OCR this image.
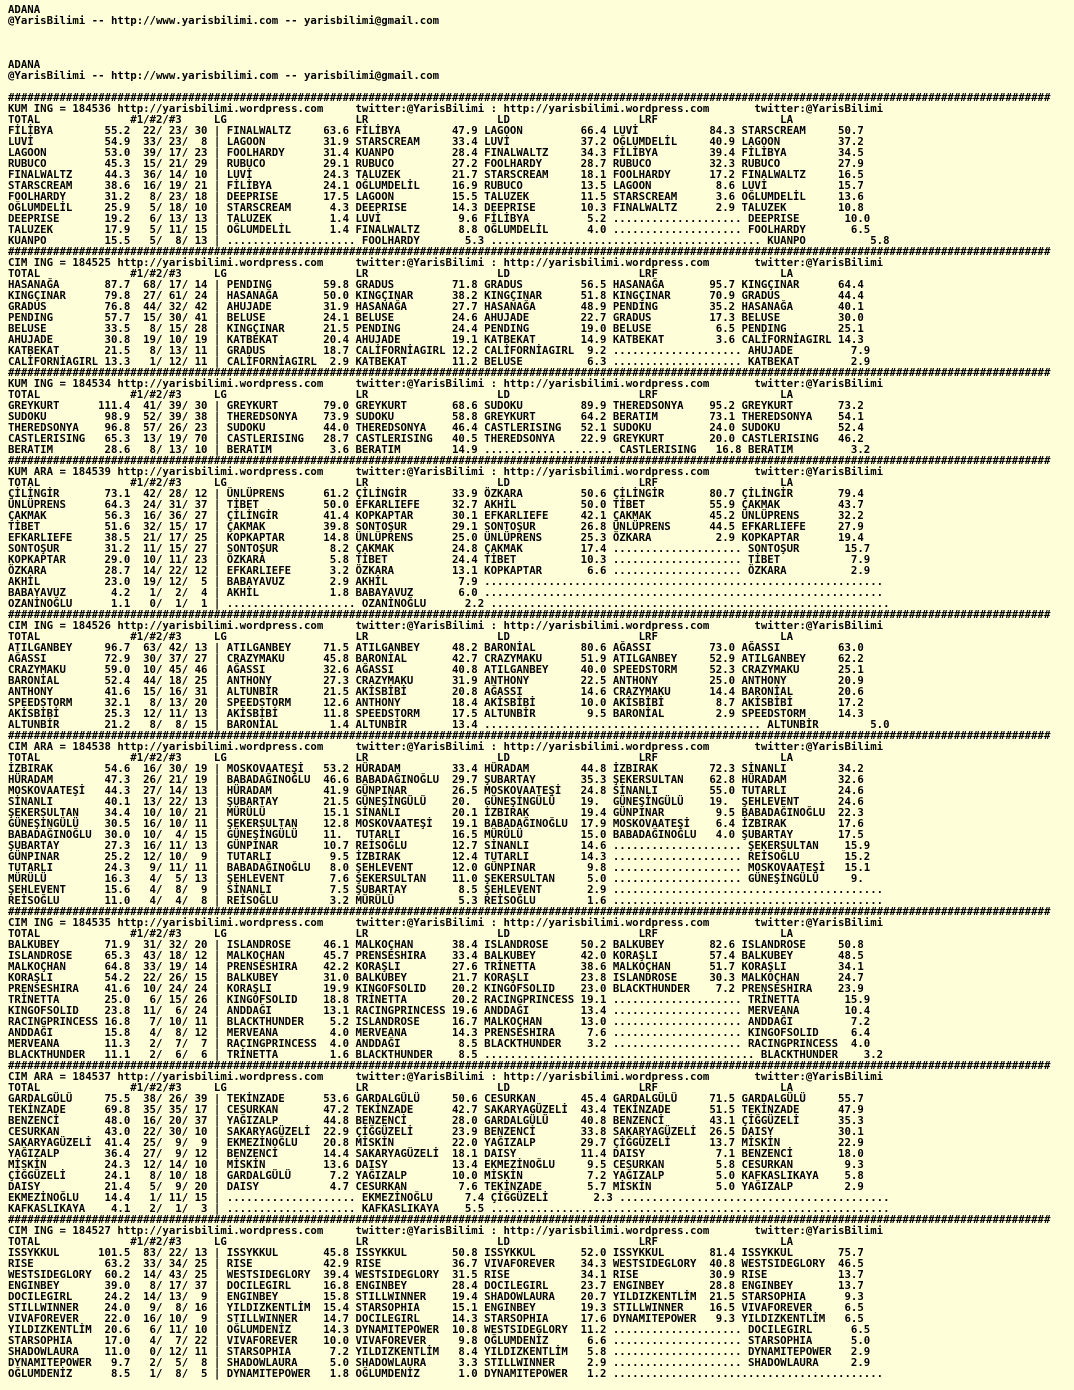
ADANA
@YarisBilimi -- http://www.yarisbilimi.com -- yarisbilimi@gmail.com

ADANA
@YarisBilimi -- http://www.yarisbilimi.com -- yarisbilimi@gmail.com

##################################################################################################################################################################
KUM ING = 184536 http://yarisbilimi.wordpress.com     twitter:@YarisBilimi : http://yarisbilimi.wordpress.com       twitter:@YarisBilimi
TOTAL              #1/#2/#3     LG                    LR                    LD                    LRF                   LA
FİLİBYA        55.2  22/ 23/ 30 | FINALWALTZ     63.6 FİLİBYA        47.9 LAGOON         66.4 LUVİ           84.3 STARSCREAM     50.7
LUVİ           54.9  33/ 23/  8 | LAGOON         31.9 STARSCREAM     33.4 LUVİ           37.2 OĞLUMDELİL     40.9 LAGOON         37.2
LAGOON         53.0  39/ 17/ 23 | FOOLHARDY      31.4 KUANPO         28.4 FINALWALTZ     34.3 FİLİBYA        39.4 FİLİBYA        34.5
RUBUCO         45.3  15/ 21/ 29 | RUBUCO         29.1 RUBUCO         27.2 FOOLHARDY      28.7 RUBUCO         32.3 RUBUCO         27.9
FINALWALTZ     44.3  36/ 14/ 10 | LUVİ           24.3 TALUZEK        21.7 STARSCREAM     18.1 FOOLHARDY      17.2 FINALWALTZ     16.5
STARSCREAM     38.6  16/ 19/ 21 | FİLİBYA        24.1 OĞLUMDELİL     16.9 RUBUCO         13.5 LAGOON          8.6 LUVİ           15.7
FOOLHARDY      31.2   8/ 23/ 18 | DEEPRISE       17.5 LAGOON         15.5 TALUZEK        11.5 STARSCREAM      3.6 OĞLUMDELİL     13.6
OĞLUMDELİL     25.9   5/ 18/ 10 | STARSCREAM      4.3 DEEPRISE       14.3 DEEPRISE       10.3 FINALWALTZ      2.9 TALUZEK        10.8
DEEPRISE       19.2   6/ 13/ 13 | TALUZEK         1.4 LUVİ            9.6 FİLİBYA         5.2 .................... DEEPRISE       10.0
TALUZEK        17.9   5/ 11/ 15 | OĞLUMDELİL      1.4 FINALWALTZ      8.8 OĞLUMDELİL      4.0 .................... FOOLHARDY       6.5
KUANPO         15.5   5/  8/ 13 | .................... FOOLHARDY       5.3 .......................................... KUANPO          5.8
##################################################################################################################################################################
CIM ING = 184525 http://yarisbilimi.wordpress.com     twitter:@YarisBilimi : http://yarisbilimi.wordpress.com       twitter:@YarisBilimi
TOTAL              #1/#2/#3     LG                    LR                    LD                    LRF                   LA
HASANAĞA       87.7  68/ 17/ 14 | PENDING        59.8 GRADUS         71.8 GRADUS         56.5 HASANAĞA       95.7 KINGÇINAR      64.4
KINGÇINAR      79.8  27/ 61/ 24 | HASANAĞA       50.0 KINGÇINAR      38.2 KINGÇINAR      51.8 KINGÇINAR      70.9 GRADUS         44.4
GRADUS         76.8  44/ 32/ 42 | AHUJADE        31.9 HASANAĞA       27.7 HASANAĞA       48.9 PENDING        35.2 HASANAĞA       40.1
PENDING        57.7  15/ 30/ 41 | BELUSE         24.1 BELUSE         24.6 AHUJADE        22.7 GRADUS         17.3 BELUSE         30.0
BELUSE         33.5   8/ 15/ 28 | KINGÇINAR      21.5 PENDING        24.4 PENDING        19.0 BELUSE          6.5 PENDING        25.1
AHUJADE        30.8  19/ 10/ 19 | KATBEKAT       20.4 AHUJADE        19.1 KATBEKAT       14.9 KATBEKAT        3.6 CALİFORNİAGIRL 14.3
KATBEKAT       21.5   8/ 13/ 11 | GRADUS         18.7 CALİFORNİAGIRL 12.2 CALİFORNİAGIRL  9.2 .................... AHUJADE         7.9
CALİFORNİAGIRL 13.3   1/ 12/ 11 | CALİFORNİAGIRL  2.9 KATBEKAT       11.2 BELUSE          6.3 .................... KATBEKAT        2.9
##################################################################################################################################################################
KUM ING = 184534 http://yarisbilimi.wordpress.com     twitter:@YarisBilimi : http://yarisbilimi.wordpress.com       twitter:@YarisBilimi
TOTAL              #1/#2/#3     LG                    LR                    LD                    LRF                   LA
GREYKURT      111.4  41/ 39/ 30 | GREYKURT       79.0 GREYKURT       68.6 SUDOKU         89.9 THEREDSONYA    95.2 GREYKURT       73.2
SUDOKU         98.9  52/ 39/ 38 | THEREDSONYA    73.9 SUDOKU         58.8 GREYKURT       64.2 BERATIM        73.1 THEREDSONYA    54.1
THEREDSONYA    96.8  57/ 26/ 23 | SUDOKU         44.0 THEREDSONYA    46.4 CASTLERISING   52.1 SUDOKU         24.0 SUDOKU         52.4
CASTLERISING   65.3  13/ 19/ 70 | CASTLERISING   28.7 CASTLERISING   40.5 THEREDSONYA    22.9 GREYKURT       20.0 CASTLERISING   46.2
BERATIM        28.6   8/ 13/ 10 | BERATIM         3.6 BERATIM        14.9 .................... CASTLERISING   16.8 BERATIM         3.2
##################################################################################################################################################################
KUM ARA = 184539 http://yarisbilimi.wordpress.com     twitter:@YarisBilimi : http://yarisbilimi.wordpress.com       twitter:@YarisBilimi
TOTAL              #1/#2/#3     LG                    LR                    LD                    LRF                   LA
ÇİLİNGİR       73.1  42/ 28/ 12 | ÜNLÜPRENS      61.2 ÇİLİNGİR       33.9 ÖZKARA         50.6 ÇİLİNGİR       80.7 ÇİLİNGİR       79.4
ÜNLÜPRENS      64.3  24/ 31/ 37 | TİBET          50.0 EFKARLIEFE     32.7 AKHİL          50.0 TİBET          55.9 ÇAKMAK         43.7
ÇAKMAK         56.3  16/ 36/ 27 | ÇİLİNGİR       41.4 KOPKAPTAR      30.1 EFKARLIEFE     42.1 ÇAKMAK         45.2 ÜNLÜPRENS      32.2
TİBET          51.6  32/ 15/ 17 | ÇAKMAK         39.8 SONTOŞUR       29.1 SONTOŞUR       26.8 ÜNLÜPRENS      44.5 EFKARLIEFE     27.9
EFKARLIEFE     38.5  21/ 17/ 25 | KOPKAPTAR      14.8 ÜNLÜPRENS      25.0 ÜNLÜPRENS      25.3 ÖZKARA          2.9 KOPKAPTAR      19.4
SONTOŞUR       31.2  11/ 15/ 27 | SONTOŞUR        8.2 ÇAKMAK         24.8 ÇAKMAK         17.4 .................... SONTOŞUR       15.7
KOPKAPTAR      29.0  10/ 11/ 23 | ÖZKARA          5.8 TİBET          24.4 TİBET          10.3 .................... TİBET           7.9
ÖZKARA         28.7  14/ 22/ 12 | EFKARLIEFE      3.2 ÖZKARA         13.1 KOPKAPTAR       6.6 .................... ÖZKARA          2.9
AKHİL          23.0  19/ 12/  5 | BABAYAVUZ       2.9 AKHİL           7.9 ..............................................................
BABAYAVUZ       4.2   1/  2/  4 | AKHİL           1.8 BABAYAVUZ       6.0 ..............................................................
OZANİNOĞLU      1.1   0/  1/  1 | .................... OZANİNOĞLU      2.2 ..............................................................
##################################################################################################################################################################
CIM ING = 184526 http://yarisbilimi.wordpress.com     twitter:@YarisBilimi : http://yarisbilimi.wordpress.com       twitter:@YarisBilimi
TOTAL              #1/#2/#3     LG                    LR                    LD                    LRF                   LA
ATILGANBEY     96.7  63/ 42/ 13 | ATILGANBEY     71.5 ATILGANBEY     48.2 BARONİAL       80.6 AĞASSI         73.0 AĞASSI         63.0
AĞASSI         72.9  30/ 37/ 27 | CRAZYMAKU      45.8 BARONİAL       42.7 CRAZYMAKU      51.9 ATILGANBEY     52.9 ATILGANBEY     62.2
CRAZYMAKU      59.0  10/ 45/ 46 | AĞASSI         32.6 AĞASSI         40.8 ATILGANBEY     40.0 SPEEDSTORM     52.3 CRAZYMAKU      25.1
BARONİAL       52.4  44/ 18/ 25 | ANTHONY        27.3 CRAZYMAKU      31.9 ANTHONY        22.5 ANTHONY        25.0 ANTHONY        20.9
ANTHONY        41.6  15/ 16/ 31 | ALTUNBİR       21.5 AKİSBİBİ       20.8 AĞASSI         14.6 CRAZYMAKU      14.4 BARONİAL       20.6
SPEEDSTORM     32.1   8/ 13/ 20 | SPEEDSTORM     12.6 ANTHONY        18.4 AKİSBİBİ       10.0 AKİSBİBİ        8.7 AKİSBİBİ       17.2
AKİSBİBİ       25.3  12/ 11/ 13 | AKİSBİBİ       11.8 SPEEDSTORM     17.5 ALTUNBİR        9.5 BARONİAL        2.9 SPEEDSTORM     14.3
ALTUNBİR       21.2   8/  8/ 15 | BARONİAL        1.4 ALTUNBİR       13.4 ........................................... ALTUNBİR        5.0
##################################################################################################################################################################
CIM ARA = 184538 http://yarisbilimi.wordpress.com     twitter:@YarisBilimi : http://yarisbilimi.wordpress.com       twitter:@YarisBilimi
TOTAL              #1/#2/#3     LG                    LR                    LD                    LRF                   LA
İZBIRAK        54.6  16/ 30/ 19 | MOSKOVAATEŞİ   53.2 HÜRADAM        33.4 HÜRADAM        44.8 İZBIRAK        72.3 SİNANLI        34.2
HÜRADAM        47.3  26/ 21/ 19 | BABADAĞINOĞLU  46.6 BABADAĞINOĞLU  29.7 ŞUBARTAY       35.3 ŞEKERSULTAN    62.8 HÜRADAM        32.6
MOSKOVAATEŞİ   44.3  27/ 14/ 13 | HÜRADAM        41.9 GÜNPINAR       26.5 MOSKOVAATEŞİ   24.8 SİNANLI        55.0 TUTARLI        24.6
SİNANLI        40.1  13/ 22/ 13 | ŞUBARTAY       21.5 GÜNEŞİNGÜLÜ    20.  GÜNEŞİNGÜLÜ    19.  GÜNEŞİNGÜLÜ    19.  ŞEHLEVENT      24.6
ŞEKERSULTAN    34.4  10/ 10/ 21 | MÜRÜLÜ         15.1 SİNANLI        20.1 İZBIRAK        19.4 GÜNPINAR        9.5 BABADAĞINOĞLU  22.3
GÜNEŞİNGÜLÜ    30.5  16/ 10/ 11 | ŞEKERSULTAN    12.8 MOSKOVAATEŞİ   19.1 BABADAĞINOĞLU  17.9 MOSKOVAATEŞİ    6.4 İZBIRAK        17.6
BABADAĞINOĞLU  30.0  10/  4/ 15 | GÜNEŞİNGÜLÜ    11.  TUTARLI        16.5 MÜRÜLÜ         15.0 BABADAĞINOĞLU   4.0 ŞUBARTAY       17.5
ŞUBARTAY       27.3  16/ 11/ 13 | GÜNPINAR       10.7 REİSOĞLU       12.7 SİNANLI        14.6 .................... ŞEKERSULTAN    15.9
GÜNPINAR       25.2  12/ 10/  9 | TUTARLI         9.5 İZBIRAK        12.4 TUTARLI        14.3 .................... REİSOĞLU       15.2
TUTARLI        24.3   9/ 11/ 11 | BABADAĞINOĞLU   8.0 ŞEHLEVENT      12.0 GÜNPINAR        9.8 .................... MOSKOVAATEŞİ   15.1
MÜRÜLÜ         16.3   4/  5/ 13 | ŞEHLEVENT       7.6 ŞEKERSULTAN    11.0 ŞEKERSULTAN     5.0 .................... GÜNEŞİNGÜLÜ     9.
ŞEHLEVENT      15.6   4/  8/  9 | SİNANLI         7.5 ŞUBARTAY        8.5 ŞEHLEVENT       2.9 ..........................................
REİSOĞLU       11.0   4/  4/  8 | REİSOĞLU        3.2 MÜRÜLÜ          5.3 REİSOĞLU        1.6 ..........................................
##################################################################################################################################################################
CIM ING = 184535 http://yarisbilimi.wordpress.com     twitter:@YarisBilimi : http://yarisbilimi.wordpress.com       twitter:@YarisBilimi
TOTAL              #1/#2/#3     LG                    LR                    LD                    LRF                   LA
BALKUBEY       71.9  31/ 32/ 20 | ISLANDROSE     46.1 MALKOÇHAN      38.4 ISLANDROSE     50.2 BALKUBEY       82.6 ISLANDROSE     50.8
ISLANDROSE     65.3  43/ 18/ 12 | MALKOÇHAN      45.7 PRENSESHIRA    33.4 BALKUBEY       42.0 KORAŞLI        57.4 BALKUBEY       48.5
MALKOÇHAN      64.8  33/ 19/ 14 | PRENSESHIRA    42.2 KORAŞLI        27.6 TRİNETTA       38.6 MALKOÇHAN      51.7 KORAŞLI        34.1
KORAŞLI        54.2  22/ 26/ 15 | BALKUBEY       31.0 BALKUBEY       21.7 KORAŞLI        23.8 ISLANDROSE     30.3 MALKOÇHAN      24.7
PRENSESHIRA    41.6  10/ 24/ 24 | KORAŞLI        19.9 KINGOFSOLID    20.2 KINGOFSOLID    23.0 BLACKTHUNDER    7.2 PRENSESHIRA    23.9
TRİNETTA       25.0   6/ 15/ 26 | KINGOFSOLID    18.8 TRİNETTA       20.2 RACINGPRINCESS 19.1 .................... TRİNETTA       15.9
KINGOFSOLID    23.8  11/  6/ 24 | ANDDAĞI        13.1 RACINGPRINCESS 19.6 ANDDAĞI        13.4 .................... MERVEANA       10.4
RACINGPRINCESS 16.8   7/ 10/ 11 | BLACKTHUNDER    5.2 ISLANDROSE     16.7 MALKOÇHAN      13.0 .................... ANDDAĞI         7.2
ANDDAĞI        15.8   4/  8/ 12 | MERVEANA        4.0 MERVEANA       14.3 PRENSESHIRA     7.6 .................... KINGOFSOLID     6.4
MERVEANA       11.3   2/  7/  7 | RACINGPRINCESS  4.0 ANDDAĞI         8.5 BLACKTHUNDER    3.2 .................... RACINGPRINCESS  4.0
BLACKTHUNDER   11.1   2/  6/  6 | TRİNETTA        1.6 BLACKTHUNDER    8.5 .......................................... BLACKTHUNDER    3.2
##################################################################################################################################################################
CIM ARA = 184537 http://yarisbilimi.wordpress.com     twitter:@YarisBilimi : http://yarisbilimi.wordpress.com       twitter:@YarisBilimi
TOTAL              #1/#2/#3     LG                    LR                    LD                    LRF                   LA
GARDALGÜLÜ     75.5  38/ 26/ 39 | TEKİNZADE      53.6 GARDALGÜLÜ     50.6 CESURKAN       45.4 GARDALGÜLÜ     71.5 GARDALGÜLÜ     55.7
TEKİNZADE      69.8  35/ 35/ 17 | CESURKAN       47.2 TEKİNZADE      42.7 SAKARYAGÜZELİ  43.4 TEKİNZADE      51.5 TEKİNZADE      47.9
BENZENCİ       48.0  16/ 20/ 37 | YAĞIZALP       44.8 BENZENCİ       28.0 GARDALGÜLÜ     40.8 BENZENCİ       43.1 ÇİĞGÜZELİ      35.3
CESURKAN       43.0  22/ 30/ 10 | SAKARYAGÜZELİ  22.9 ÇİĞGÜZELİ      23.9 BENZENCİ       33.8 SAKARYAGÜZELİ  26.5 DAISY          30.1
SAKARYAGÜZELİ  41.4  25/  9/  9 | EKMEZİNOĞLU    20.8 MİSKİN         22.0 YAĞIZALP       29.7 ÇİĞGÜZELİ      13.7 MİSKİN         22.9
YAĞIZALP       36.4  27/  9/ 12 | BENZENCİ       14.4 SAKARYAGÜZELİ  18.1 DAISY          11.4 DAISY           7.1 BENZENCİ       18.0
MİSKİN         24.3  12/ 14/ 10 | MİSKİN         13.6 DAISY          13.4 EKMEZİNOĞLU     9.5 CESURKAN        5.8 CESURKAN        9.3
ÇİĞGÜZELİ      24.1   8/ 10/ 18 | GARDALGÜLÜ      7.2 YAĞIZALP       10.0 MİSKİN          7.2 YAĞIZALP        5.0 KAFKASLIKAYA    5.8
DAISY          21.4   5/  9/ 20 | DAISY           4.7 CESURKAN        7.6 TEKİNZADE       5.7 MİSKİN          5.0 YAĞIZALP        2.9
EKMEZİNOĞLU    14.4   1/ 11/ 15 | .................... EKMEZİNOĞLU     7.4 ÇİĞGÜZELİ       2.3 ..........................................
KAFKASLIKAYA    4.1   2/  1/  3 | .................... KAFKASLIKAYA    5.5 ..............................................................
##################################################################################################################################################################
CIM ING = 184527 http://yarisbilimi.wordpress.com     twitter:@YarisBilimi : http://yarisbilimi.wordpress.com       twitter:@YarisBilimi
TOTAL              #1/#2/#3     LG                    LR                    LD                    LRF                   LA
ISSYKKUL      101.5  83/ 22/ 13 | ISSYKKUL       45.8 ISSYKKUL       50.8 ISSYKKUL       52.0 ISSYKKUL       81.4 ISSYKKUL       75.7
RISE           63.2  33/ 34/ 25 | RISE           42.9 RISE           36.7 VIVAFOREVER    34.3 WESTSIDEGLORY  40.8 WESTSIDEGLORY  46.5
WESTSIDEGLORY  60.2  14/ 43/ 25 | WESTSIDEGLORY  39.4 WESTSIDEGLORY  31.5 RISE           34.1 RISE           30.9 RISE           13.7
ENGINBEY       39.0   8/ 17/ 37 | DOCILEGIRL     16.8 ENGINBEY       28.4 DOCILEGIRL     23.7 ENGINBEY       28.8 ENGINBEY       13.7
DOCILEGIRL     24.2  14/ 13/  9 | ENGINBEY       15.8 STILLWINNER    19.4 SHADOWLAURA    20.7 YILDIZKENTLİM  21.5 STARSOPHIA      9.3
STILLWINNER    24.0   9/  8/ 16 | YILDIZKENTLİM  15.4 STARSOPHIA     15.1 ENGINBEY       19.3 STILLWINNER    16.5 VIVAFOREVER     6.5
VIVAFOREVER    22.0  16/ 10/  9 | STILLWINNER    14.7 DOCILEGIRL     14.3 STARSOPHIA     17.6 DYNAMITEPOWER   9.3 YILDIZKENTLİM   6.5
YILDIZKENTLİM  20.6   6/ 11/ 10 | OĞLUMDENİZ     14.3 DYNAMITEPOWER  10.8 WESTSIDEGLORY  11.2 .................... DOCILEGIRL      6.5
STARSOPHIA     17.0   4/  7/ 22 | VIVAFOREVER    10.0 VIVAFOREVER     9.8 OĞLUMDENİZ      6.6 .................... STARSOPHIA      5.0
SHADOWLAURA    11.0   0/ 12/ 11 | STARSOPHIA      7.2 YILDIZKENTLİM   8.4 YILDIZKENTLİM   5.8 .................... DYNAMITEPOWER   2.9
DYNAMITEPOWER   9.7   2/  5/  8 | SHADOWLAURA     5.0 SHADOWLAURA     3.3 STILLWINNER     2.9 .................... SHADOWLAURA     2.9
OĞLUMDENİZ      8.5   1/  8/  5 | DYNAMITEPOWER   1.8 OĞLUMDENİZ      1.0 DYNAMITEPOWER   1.2 ..........................................
